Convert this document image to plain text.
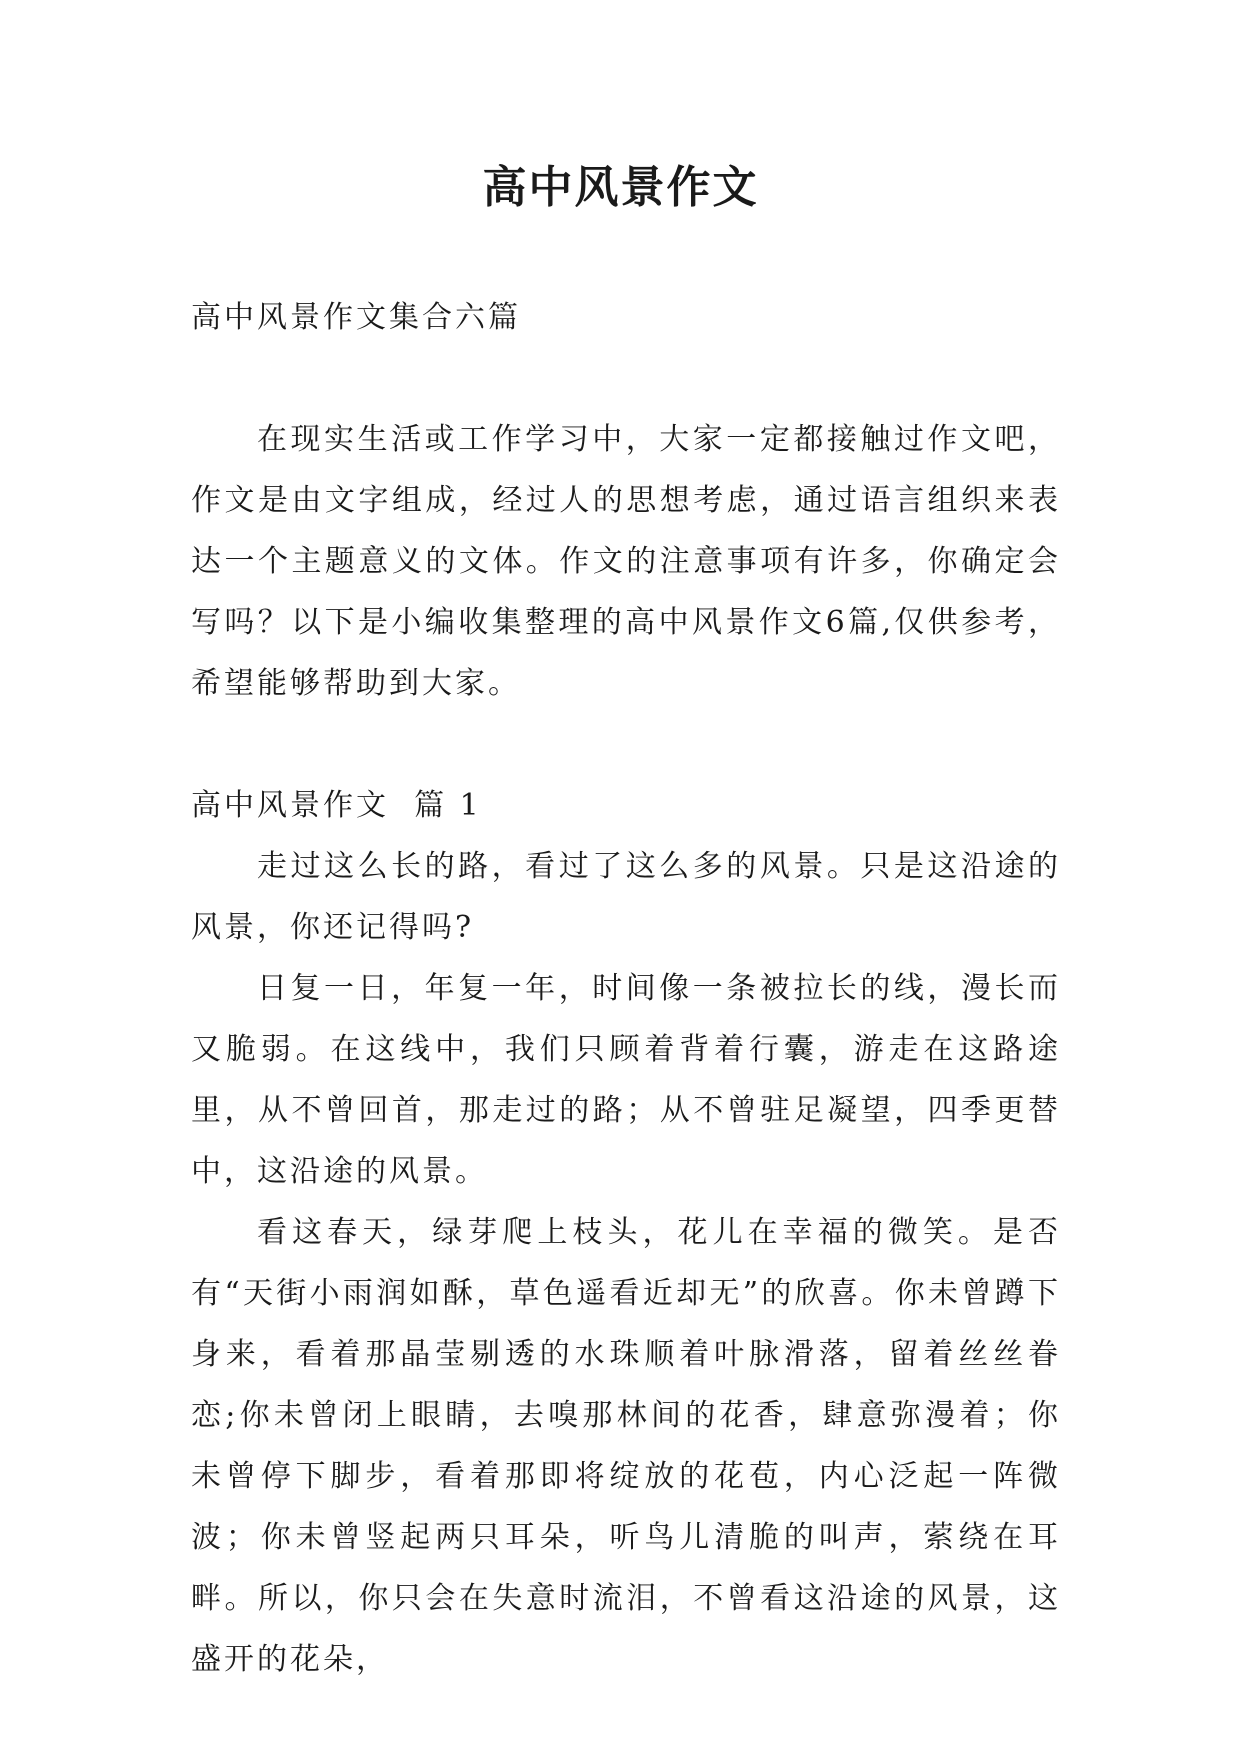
高中风景作文

高中风景作文集合六篇

在现实生活或工作学习中，大家一定都接触过作文吧，作文是由文字组成，经过人的思想考虑，通过语言组织来表达一个主题意义的文体。作文的注意事项有许多，你确定会写吗？以下是小编收集整理的高中风景作文6篇,仅供参考，希望能够帮助到大家。

高中风景作文  篇 1

走过这么长的路，看过了这么多的风景。只是这沿途的风景，你还记得吗?

日复一日，年复一年，时间像一条被拉长的线，漫长而又脆弱。在这线中，我们只顾着背着行囊，游走在这路途里，从不曾回首，那走过的路；从不曾驻足凝望，四季更替中，这沿途的风景。

看这春天，绿芽爬上枝头，花儿在幸福的微笑。是否有“天街小雨润如酥，草色遥看近却无”的欣喜。你未曾蹲下身来，看着那晶莹剔透的水珠顺着叶脉滑落，留着丝丝眷恋;你未曾闭上眼睛，去嗅那林间的花香，肆意弥漫着；你未曾停下脚步，看着那即将绽放的花苞，内心泛起一阵微波；你未曾竖起两只耳朵，听鸟儿清脆的叫声，萦绕在耳畔。所以，你只会在失意时流泪，不曾看这沿途的风景，这盛开的花朵，
